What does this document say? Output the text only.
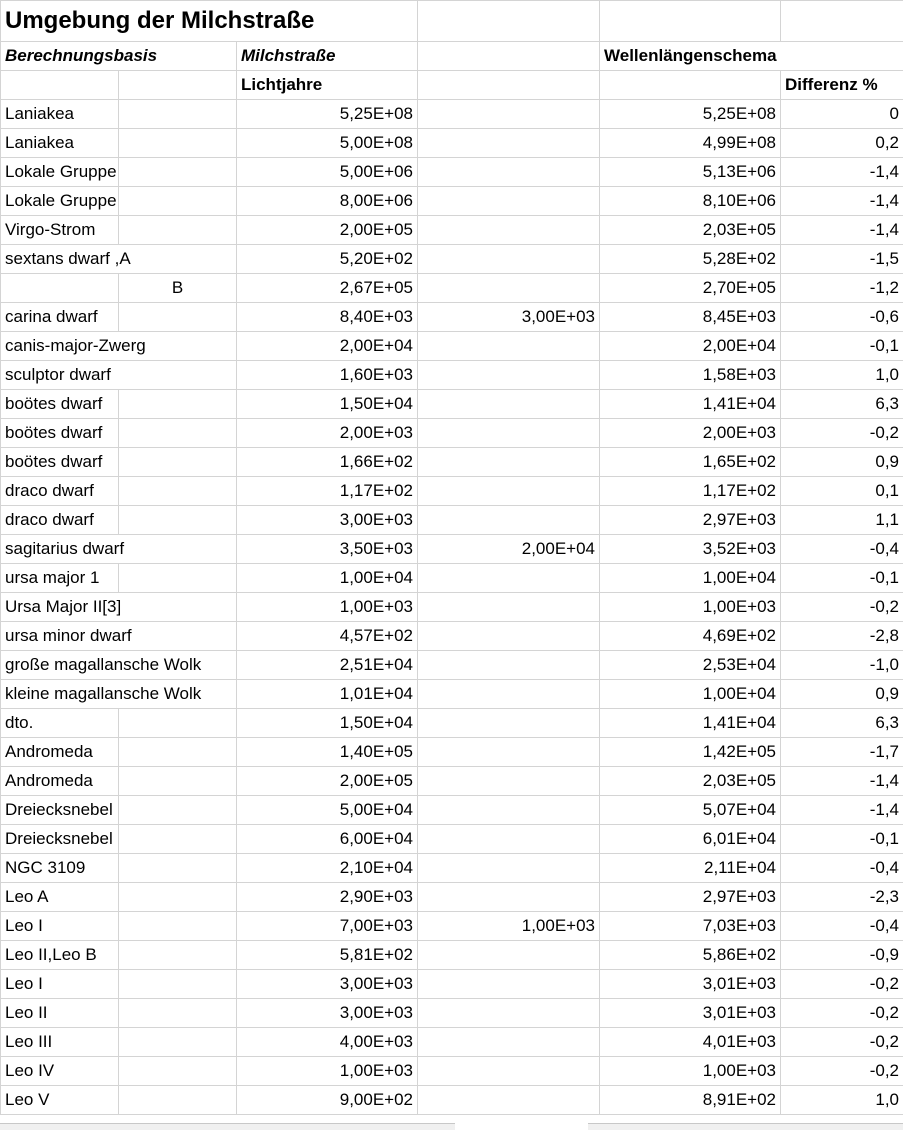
Umgebung der Milchstraße					
Berechnungsbasis		Milchstraße		Wellenlängenschema	
		Lichtjahre			Differenz %
Laniakea		5,25E+08		5,25E+08	0
Laniakea		5,00E+08		4,99E+08	0,2
Lokale Gruppe		5,00E+06		5,13E+06	-1,4
Lokale Gruppe		8,00E+06		8,10E+06	-1,4
Virgo-Strom		2,00E+05		2,03E+05	-1,4
sextans dwarf ,A		5,20E+02		5,28E+02	-1,5
	B	2,67E+05		2,70E+05	-1,2
carina dwarf		8,40E+03	3,00E+03	8,45E+03	-0,6
canis-major-Zwerg		2,00E+04		2,00E+04	-0,1
sculptor dwarf		1,60E+03		1,58E+03	1,0
boötes dwarf		1,50E+04		1,41E+04	6,3
boötes dwarf		2,00E+03		2,00E+03	-0,2
boötes dwarf		1,66E+02		1,65E+02	0,9
draco dwarf		1,17E+02		1,17E+02	0,1
draco dwarf		3,00E+03		2,97E+03	1,1
sagitarius dwarf		3,50E+03	2,00E+04	3,52E+03	-0,4
ursa major 1		1,00E+04		1,00E+04	-0,1
Ursa Major II[3]		1,00E+03		1,00E+03	-0,2
ursa minor dwarf		4,57E+02		4,69E+02	-2,8
große magallansche Wolk		2,51E+04		2,53E+04	-1,0
kleine magallansche Wolk		1,01E+04		1,00E+04	0,9
dto.		1,50E+04		1,41E+04	6,3
Andromeda		1,40E+05		1,42E+05	-1,7
Andromeda		2,00E+05		2,03E+05	-1,4
Dreiecksnebel		5,00E+04		5,07E+04	-1,4
Dreiecksnebel		6,00E+04		6,01E+04	-0,1
NGC 3109		2,10E+04		2,11E+04	-0,4
Leo A		2,90E+03		2,97E+03	-2,3
Leo I		7,00E+03	1,00E+03	7,03E+03	-0,4
Leo II,Leo B		5,81E+02		5,86E+02	-0,9
Leo I		3,00E+03		3,01E+03	-0,2
Leo II		3,00E+03		3,01E+03	-0,2
Leo III		4,00E+03		4,01E+03	-0,2
Leo IV		1,00E+03		1,00E+03	-0,2
Leo V		9,00E+02		8,91E+02	1,0
